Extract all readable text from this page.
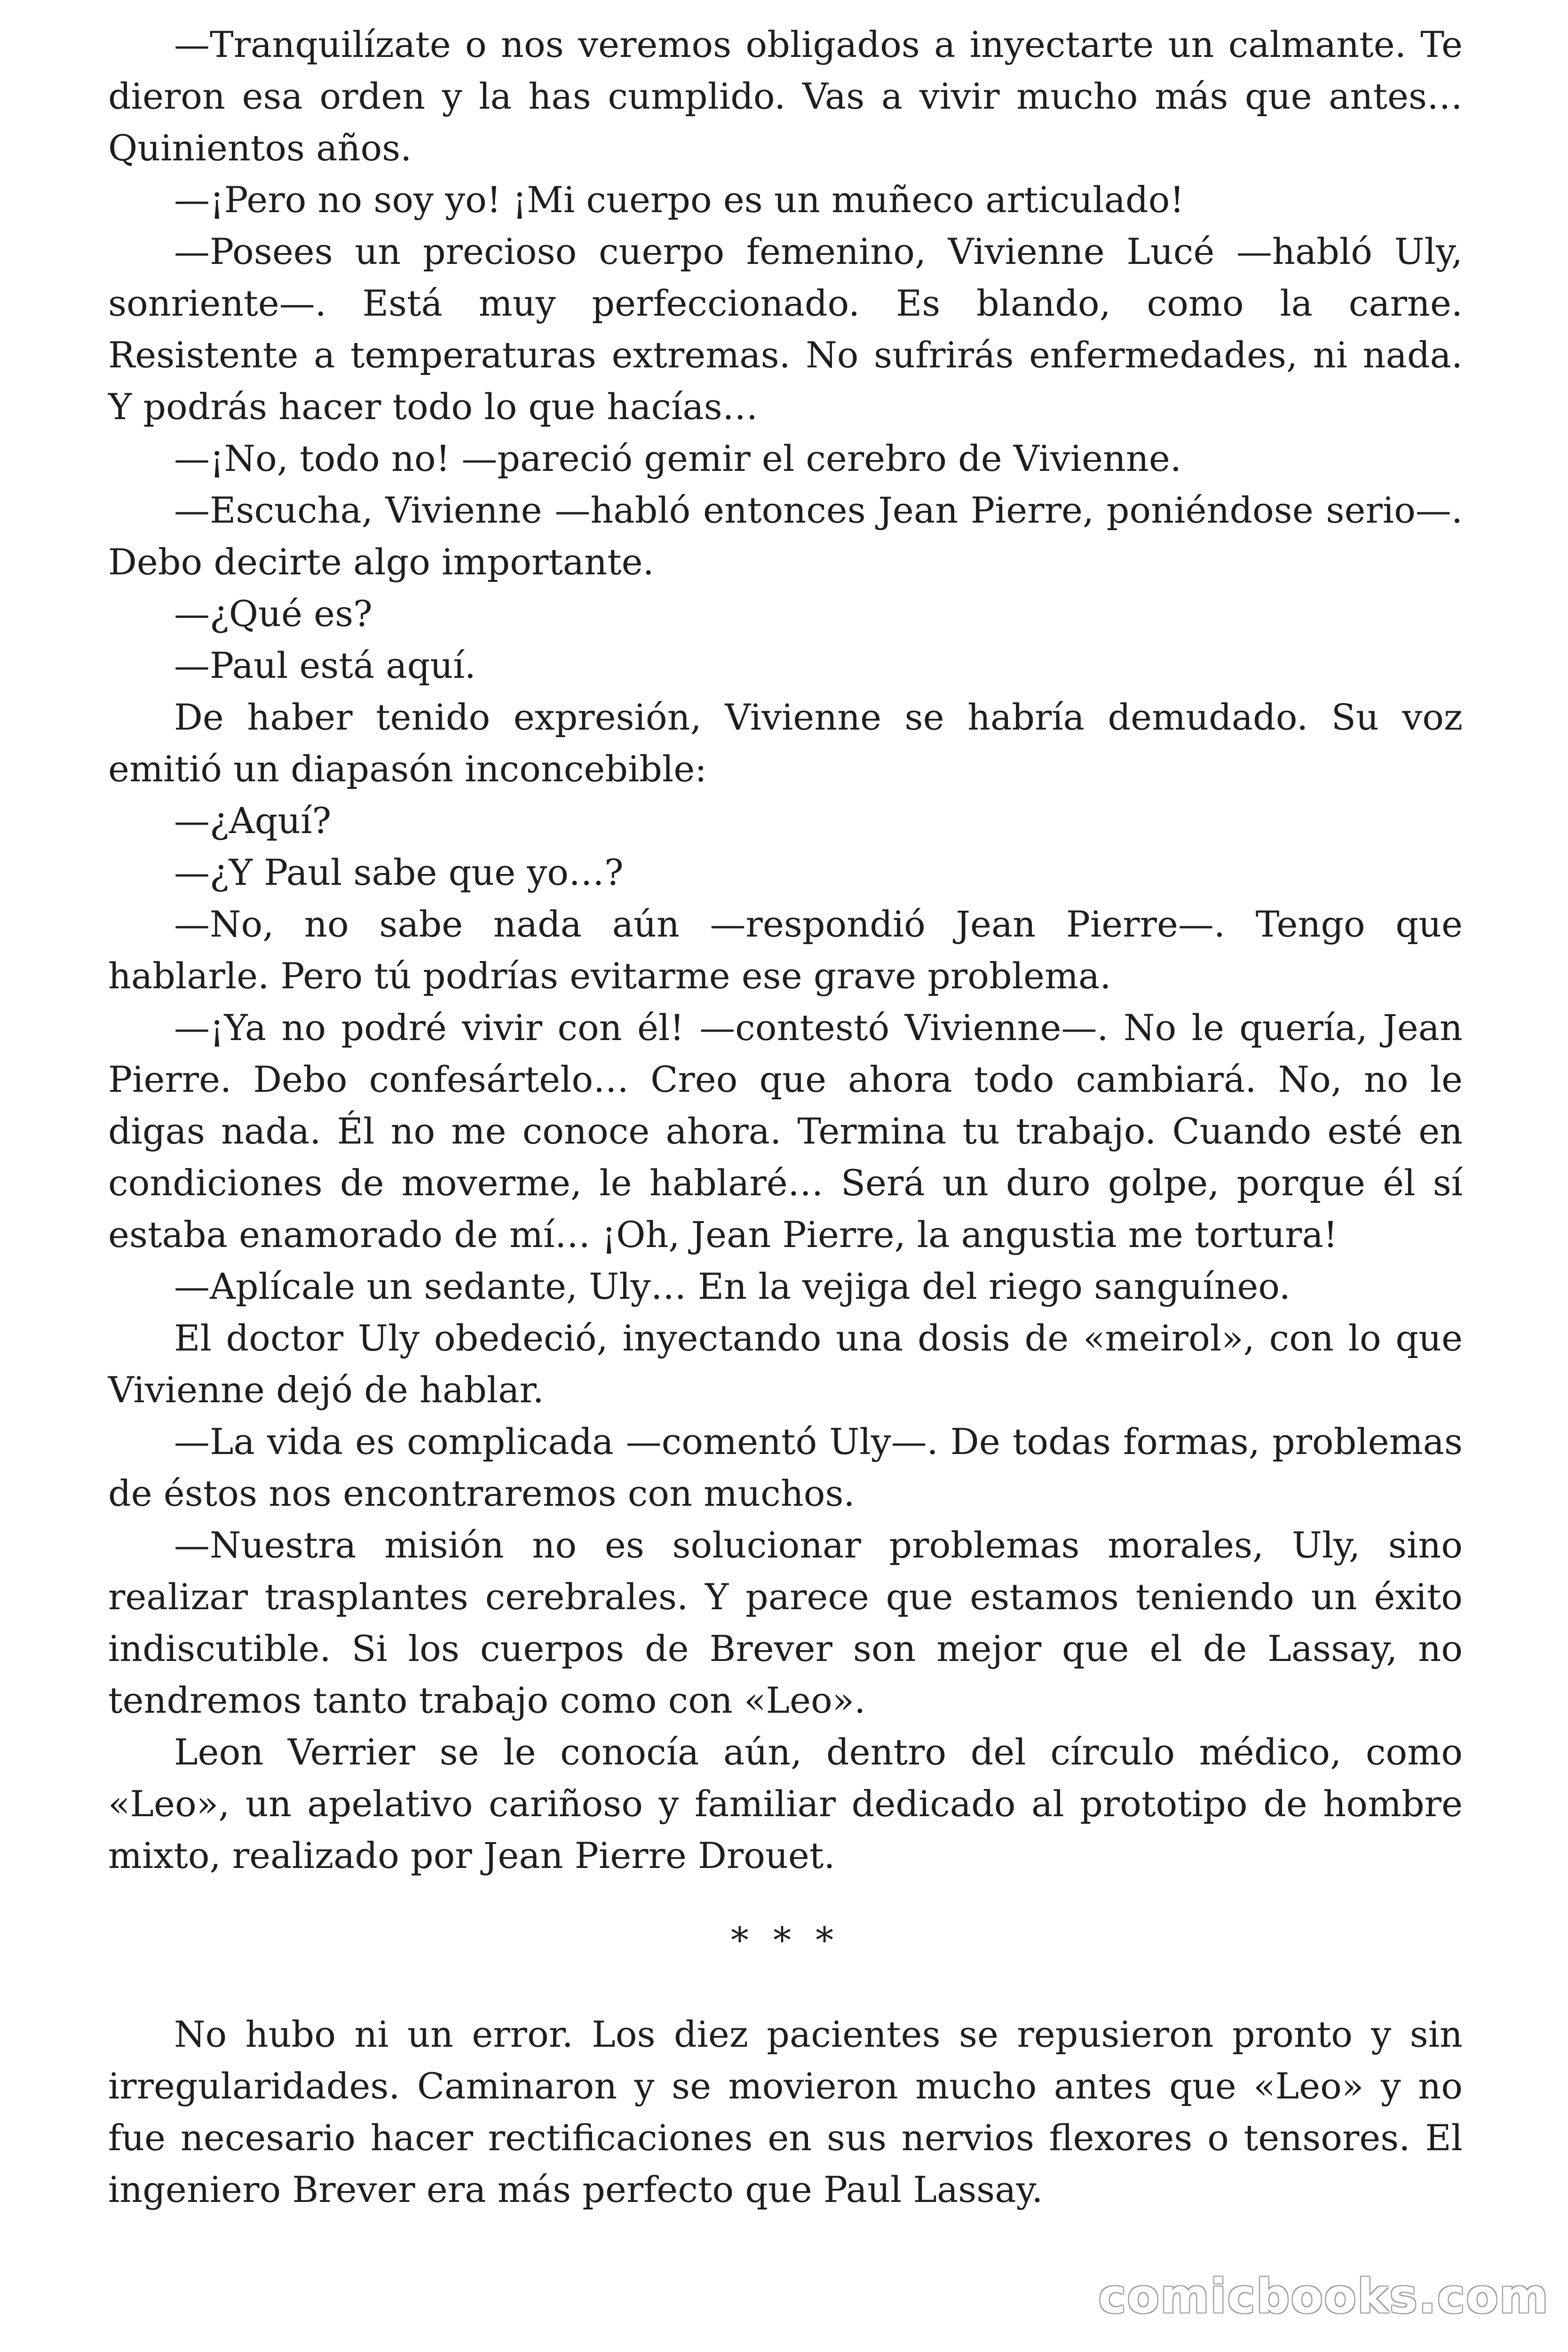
—Tranquilízate o nos veremos obligados a inyectarte un calmante. Te dieron esa orden y la has cumplido. Vas a vivir mucho más que antes… Quinientos años.

—¡Pero no soy yo! ¡Mi cuerpo es un muñeco articulado!

—Posees un precioso cuerpo femenino, Vivienne Lucé —habló Uly, sonriente—. Está muy perfeccionado. Es blando, como la carne. Resistente a temperaturas extremas. No sufrirás enfermedades, ni nada. Y podrás hacer todo lo que hacías…

—¡No, todo no! —pareció gemir el cerebro de Vivienne.

—Escucha, Vivienne —habló entonces Jean Pierre, poniéndose serio—. Debo decirte algo importante.

—¿Qué es?

—Paul está aquí.

De haber tenido expresión, Vivienne se habría demudado. Su voz emitió un diapasón inconcebible:

—¿Aquí?

—¿Y Paul sabe que yo…?

—No, no sabe nada aún —respondió Jean Pierre—. Tengo que hablarle. Pero tú podrías evitarme ese grave problema.

—¡Ya no podré vivir con él! —contestó Vivienne—. No le quería, Jean Pierre. Debo confesártelo… Creo que ahora todo cambiará. No, no le digas nada. Él no me conoce ahora. Termina tu trabajo. Cuando esté en condiciones de moverme, le hablaré… Será un duro golpe, porque él sí estaba enamorado de mí… ¡Oh, Jean Pierre, la angustia me tortura!

—Aplícale un sedante, Uly… En la vejiga del riego sanguíneo.

El doctor Uly obedeció, inyectando una dosis de «meirol», con lo que Vivienne dejó de hablar.

—La vida es complicada —comentó Uly—. De todas formas, problemas de éstos nos encontraremos con muchos.

—Nuestra misión no es solucionar problemas morales, Uly, sino realizar trasplantes cerebrales. Y parece que estamos teniendo un éxito indiscutible. Si los cuerpos de Brever son mejor que el de Lassay, no tendremos tanto trabajo como con «Leo».

Leon Verrier se le conocía aún, dentro del círculo médico, como «Leo», un apelativo cariñoso y familiar dedicado al prototipo de hombre mixto, realizado por Jean Pierre Drouet.

* * *

No hubo ni un error. Los diez pacientes se repusieron pronto y sin irregularidades. Caminaron y se movieron mucho antes que «Leo» y no fue necesario hacer rectificaciones en sus nervios flexores o tensores. El ingeniero Brever era más perfecto que Paul Lassay.

comicbooks.com
